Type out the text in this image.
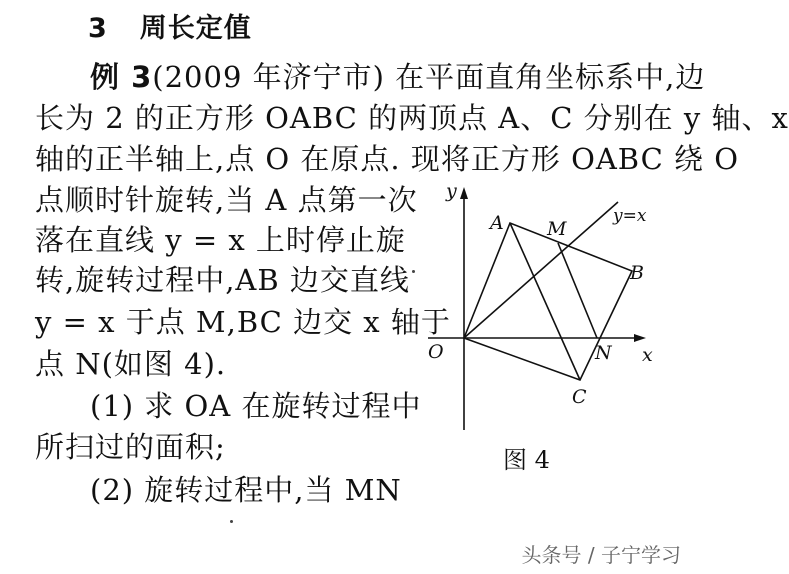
3 周长定值
例 3(2009 年济宁市) 在平面直角坐标系中,边
长为 2 的正方形 OABC 的两顶点 A、C 分别在 y 轴、x
轴的正半轴上,点 O 在原点. 现将正方形 OABC 绕 O
点顺时针旋转,当 A 点第一次
落在直线 y = x 上时停止旋
转,旋转过程中,AB 边交直线
y = x 于点 M,BC 边交 x 轴于
点 N(如图 4).
(1) 求 OA 在旋转过程中
所扫过的面积;
(2) 旋转过程中,当 MN
y
x
y=x
O
A M
B
N
C
图 4
头条号 / 子宁学习
